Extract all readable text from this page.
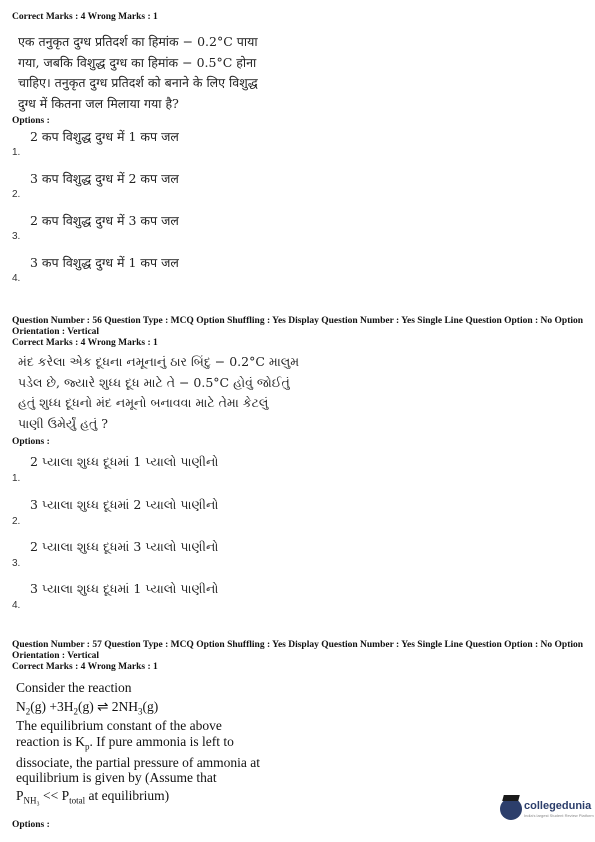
Correct Marks : 4 Wrong Marks : 1
एक तनुकृत दुग्ध प्रतिदर्श का हिमांक − 0.2°C पाया
गया, जबकि विशुद्ध दुग्ध का हिमांक − 0.5°C होना
चाहिए। तनुकृत दुग्ध प्रतिदर्श को बनाने के लिए विशुद्ध
दुग्ध में कितना जल मिलाया गया है?
Options :
1.
2 कप विशुद्ध दुग्ध में 1 कप जल
2.
3 कप विशुद्ध दुग्ध में 2 कप जल
3.
2 कप विशुद्ध दुग्ध में 3 कप जल
4.
3 कप विशुद्ध दुग्ध में 1 कप जल
Question Number : 56 Question Type : MCQ Option Shuffling : Yes Display Question Number : Yes Single Line Question Option : No Option Orientation : Vertical
Correct Marks : 4 Wrong Marks : 1
મંદ કરેલા એક દૂધના નમૂનાનું ઠાર બિંદુ − 0.2°C માલુમ
પડેલ છે, જ્યારે શુધ્ધ દૂધ માટે તે − 0.5°C હોવું જોઈતું
હતું શુધ્ધ દૂધનો મંદ નમૂનો બનાવવા માટે તેમા કેટલું
પાણી ઉમેર્યું હતું ?
Options :
1.
2 પ્યાલા શુધ્ધ દૂધમાં 1 પ્યાલો પાણીનો
2.
3 પ્યાલા શુધ્ધ દૂધમાં 2 પ્યાલો પાણીનો
3.
2 પ્યાલા શુધ્ધ દૂધમાં 3 પ્યાલો પાણીનો
4.
3 પ્યાલા શુધ્ધ દૂધમાં 1 પ્યાલો પાણીનો
Question Number : 57 Question Type : MCQ Option Shuffling : Yes Display Question Number : Yes Single Line Question Option : No Option Orientation : Vertical
Correct Marks : 4 Wrong Marks : 1
Consider the reaction
$N_2(g) +3H_2(g)$ ⇌ $2NH_3(g)$
The equilibrium constant of the above reaction is $K_p$. If pure ammonia is left to dissociate, the partial pressure of ammonia at equilibrium is given by (Assume that
$P_{NH_3} << P_{total}$ at equilibrium)
Options :
collegedunia
India's largest Student Review Platform
